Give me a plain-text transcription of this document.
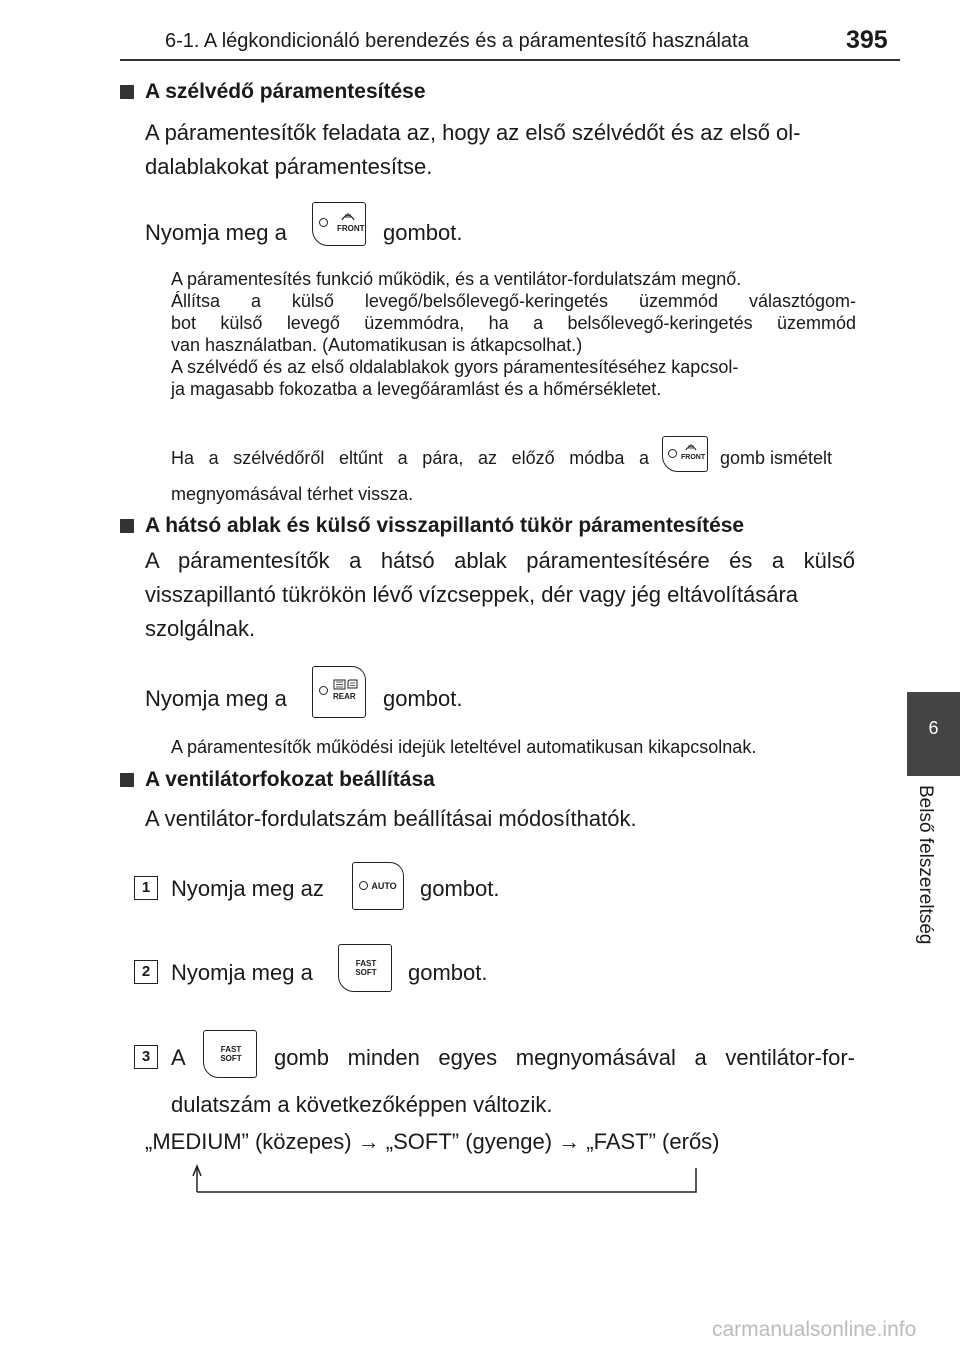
6-1. A légkondicionáló berendezés és a páramentesítő használata	395
6
Belső felszereltség
A szélvédő páramentesítése
A páramentesítők feladata az, hogy az első szélvédőt és az első ol-
dalablakokat páramentesítse.
Nyomja meg a	FRONT gombot.
A páramentesítés funkció működik, és a ventilátor-fordulatszám megnő.
Állítsa a külső levegő/belsőlevegő-keringetés üzemmód választógom-
bot külső levegő üzemmódra, ha a belsőlevegő-keringetés üzemmód
van használatban. (Automatikusan is átkapcsolhat.)
A szélvédő és az első oldalablakok gyors páramentesítéséhez kapcsol-
ja magasabb fokozatba a levegőáramlást és a hőmérsékletet.
Ha a szélvédőről eltűnt a pára, az előző módba a	FRONT gomb ismételt
megnyomásával térhet vissza.
A hátsó ablak és külső visszapillantó tükör páramentesítése
A páramentesítők a hátsó ablak páramentesítésére és a külső
visszapillantó tükrökön lévő vízcseppek, dér vagy jég eltávolítására
szolgálnak.
Nyomja meg a	REAR gombot.
A páramentesítők működési idejük leteltével automatikusan kikapcsolnak.
A ventilátorfokozat beállítása
A ventilátor-fordulatszám beállításai módosíthatók.
1 Nyomja meg az	AUTO gombot.
2 Nyomja meg a	FAST
SOFT gombot.
3 A	FAST
SOFT gomb minden egyes megnyomásával a ventilátor-for-
dulatszám a következőképpen változik.
„MEDIUM” (közepes) → „SOFT” (gyenge) → „FAST” (erős)
carmanualsonline.info
